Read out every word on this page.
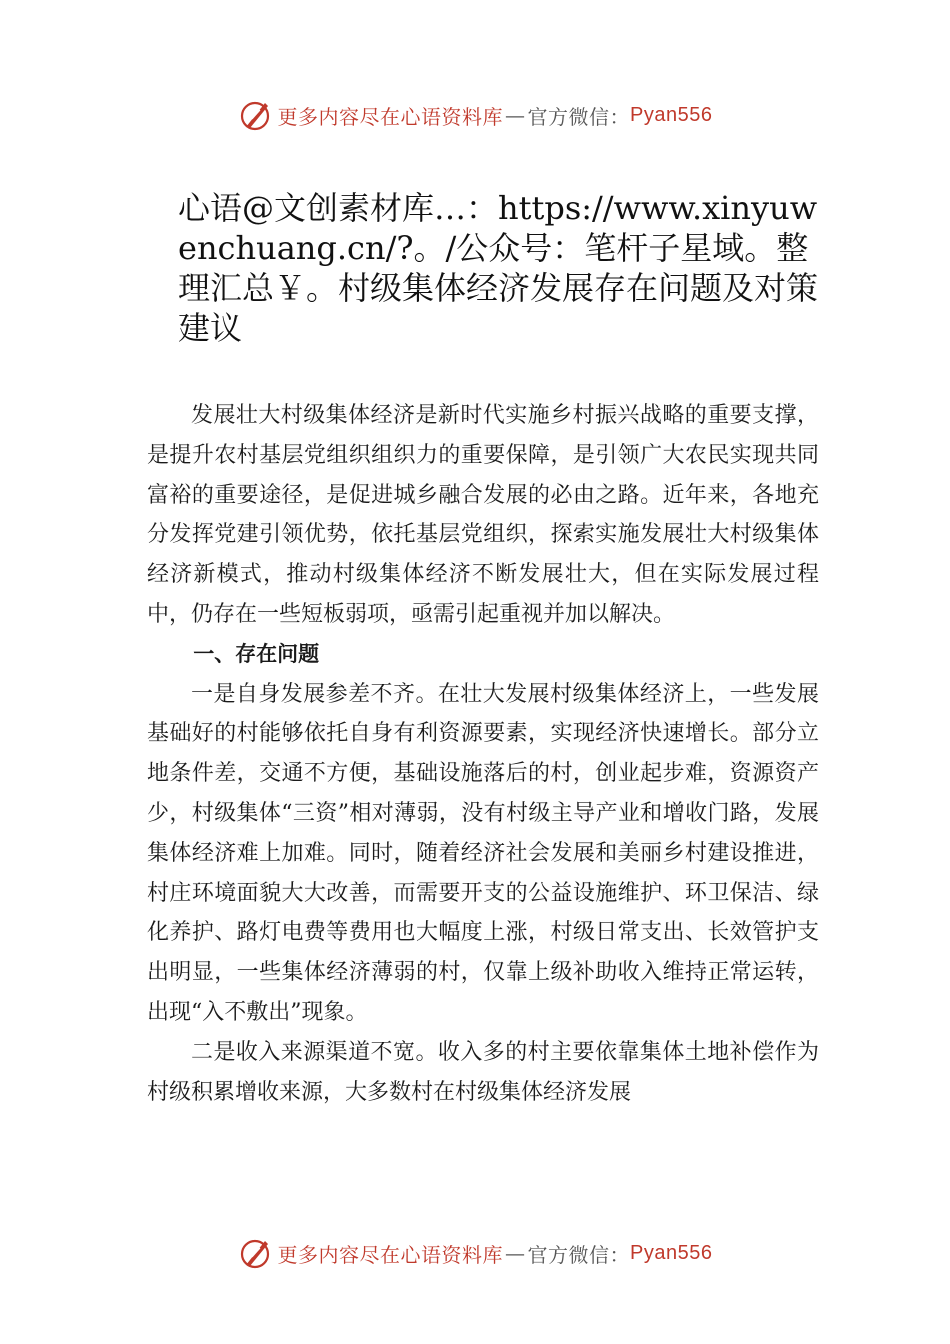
更多内容尽在心语资料库 — 官方微信： Pyan556
心语@文创素材库…：https://www.xinyuwenchuang.cn/?。/公众号：笔杆子星域。整理汇总￥。村级集体经济发展存在问题及对策建议

发展壮大村级集体经济是新时代实施乡村振兴战略的重要支撑，是提升农村基层党组织组织力的重要保障，是引领广大农民实现共同富裕的重要途径，是促进城乡融合发展的必由之路。近年来，各地充分发挥党建引领优势，依托基层党组织，探索实施发展壮大村级集体经济新模式，推动村级集体经济不断发展壮大，但在实际发展过程中，仍存在一些短板弱项，亟需引起重视并加以解决。

一、存在问题

一是自身发展参差不齐。在壮大发展村级集体经济上，一些发展基础好的村能够依托自身有利资源要素，实现经济快速增长。部分立地条件差，交通不方便，基础设施落后的村，创业起步难，资源资产少，村级集体“三资”相对薄弱，没有村级主导产业和增收门路，发展集体经济难上加难。同时，随着经济社会发展和美丽乡村建设推进，村庄环境面貌大大改善，而需要开支的公益设施维护、环卫保洁、绿化养护、路灯电费等费用也大幅度上涨，村级日常支出、长效管护支出明显，一些集体经济薄弱的村，仅靠上级补助收入维持正常运转，出现“入不敷出”现象。

二是收入来源渠道不宽。收入多的村主要依靠集体土地补偿作为村级积累增收来源，大多数村在村级集体经济发展

更多内容尽在心语资料库 — 官方微信： Pyan556
